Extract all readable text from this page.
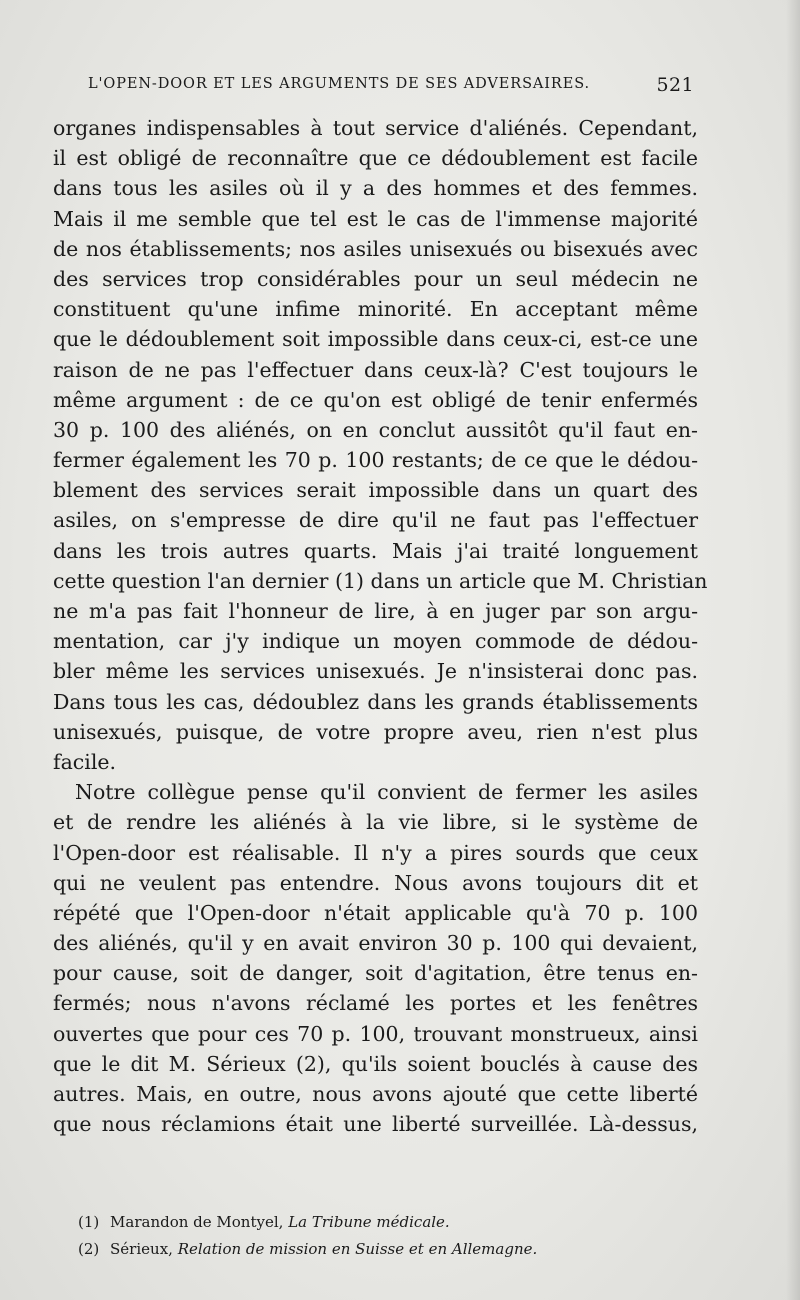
L'OPEN-DOOR ET LES ARGUMENTS DE SES ADVERSAIRES.	521
organes indispensables à tout service d'aliénés. Cependant,
il est obligé de reconnaître que ce dédoublement est facile
dans tous les asiles où il y a des hommes et des femmes.
Mais il me semble que tel est le cas de l'immense majorité
de nos établissements; nos asiles unisexués ou bisexués avec
des services trop considérables pour un seul médecin ne
constituent qu'une infime minorité. En acceptant même
que le dédoublement soit impossible dans ceux-ci, est-ce une
raison de ne pas l'effectuer dans ceux-là? C'est toujours le
même argument : de ce qu'on est obligé de tenir enfermés
30 p. 100 des aliénés, on en conclut aussitôt qu'il faut en-
fermer également les 70 p. 100 restants; de ce que le dédou-
blement des services serait impossible dans un quart des
asiles, on s'empresse de dire qu'il ne faut pas l'effectuer
dans les trois autres quarts. Mais j'ai traité longuement
cette question l'an dernier (1) dans un article que M. Christian
ne m'a pas fait l'honneur de lire, à en juger par son argu-
mentation, car j'y indique un moyen commode de dédou-
bler même les services unisexués. Je n'insisterai donc pas.
Dans tous les cas, dédoublez dans les grands établissements
unisexués, puisque, de votre propre aveu, rien n'est plus
facile.
Notre collègue pense qu'il convient de fermer les asiles
et de rendre les aliénés à la vie libre, si le système de
l'Open-door est réalisable. Il n'y a pires sourds que ceux
qui ne veulent pas entendre. Nous avons toujours dit et
répété que l'Open-door n'était applicable qu'à 70 p. 100
des aliénés, qu'il y en avait environ 30 p. 100 qui devaient,
pour cause, soit de danger, soit d'agitation, être tenus en-
fermés; nous n'avons réclamé les portes et les fenêtres
ouvertes que pour ces 70 p. 100, trouvant monstrueux, ainsi
que le dit M. Sérieux (2), qu'ils soient bouclés à cause des
autres. Mais, en outre, nous avons ajouté que cette liberté
que nous réclamions était une liberté surveillée. Là-dessus,
(1) Marandon de Montyel, La Tribune médicale.
(2) Sérieux, Relation de mission en Suisse et en Allemagne.
